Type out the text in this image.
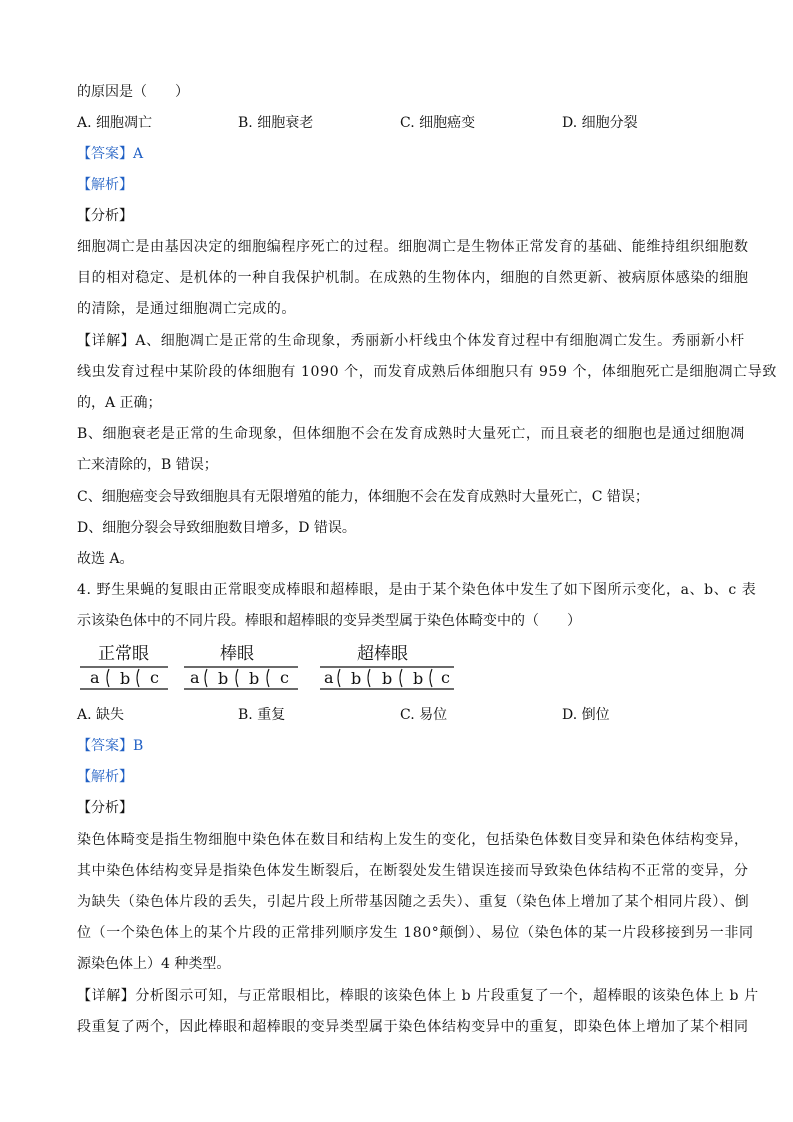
的原因是（　　）
A. 细胞凋亡	B. 细胞衰老	C. 细胞癌变	D. 细胞分裂
【答案】A
【解析】
【分析】
细胞凋亡是由基因决定的细胞编程序死亡的过程。细胞凋亡是生物体正常发育的基础、能维持组织细胞数
目的相对稳定、是机体的一种自我保护机制。在成熟的生物体内，细胞的自然更新、被病原体感染的细胞
的清除，是通过细胞凋亡完成的。
【详解】A、细胞凋亡是正常的生命现象，秀丽新小杆线虫个体发育过程中有细胞凋亡发生。秀丽新小杆
线虫发育过程中某阶段的体细胞有 1090 个，而发育成熟后体细胞只有 959 个，体细胞死亡是细胞凋亡导致
的，A 正确；
B、细胞衰老是正常的生命现象，但体细胞不会在发育成熟时大量死亡，而且衰老的细胞也是通过细胞凋
亡来清除的，B 错误；
C、细胞癌变会导致细胞具有无限增殖的能力，体细胞不会在发育成熟时大量死亡，C 错误；
D、细胞分裂会导致细胞数目增多，D 错误。
故选 A。
4. 野生果蝇的复眼由正常眼变成棒眼和超棒眼，是由于某个染色体中发生了如下图所示变化，a、b、c 表
示该染色体中的不同片段。棒眼和超棒眼的变异类型属于染色体畸变中的（　　）
正常眼
a b c
棒眼
a b b c
超棒眼
a b b b c
A. 缺失	B. 重复	C. 易位	D. 倒位
【答案】B
【解析】
【分析】
染色体畸变是指生物细胞中染色体在数目和结构上发生的变化，包括染色体数目变异和染色体结构变异，
其中染色体结构变异是指染色体发生断裂后，在断裂处发生错误连接而导致染色体结构不正常的变异，分
为缺失（染色体片段的丢失，引起片段上所带基因随之丢失）、重复（染色体上增加了某个相同片段）、倒
位（一个染色体上的某个片段的正常排列顺序发生 180°颠倒）、易位（染色体的某一片段移接到另一非同
源染色体上）4 种类型。
【详解】分析图示可知，与正常眼相比，棒眼的该染色体上 b 片段重复了一个，超棒眼的该染色体上 b 片
段重复了两个，因此棒眼和超棒眼的变异类型属于染色体结构变异中的重复，即染色体上增加了某个相同
